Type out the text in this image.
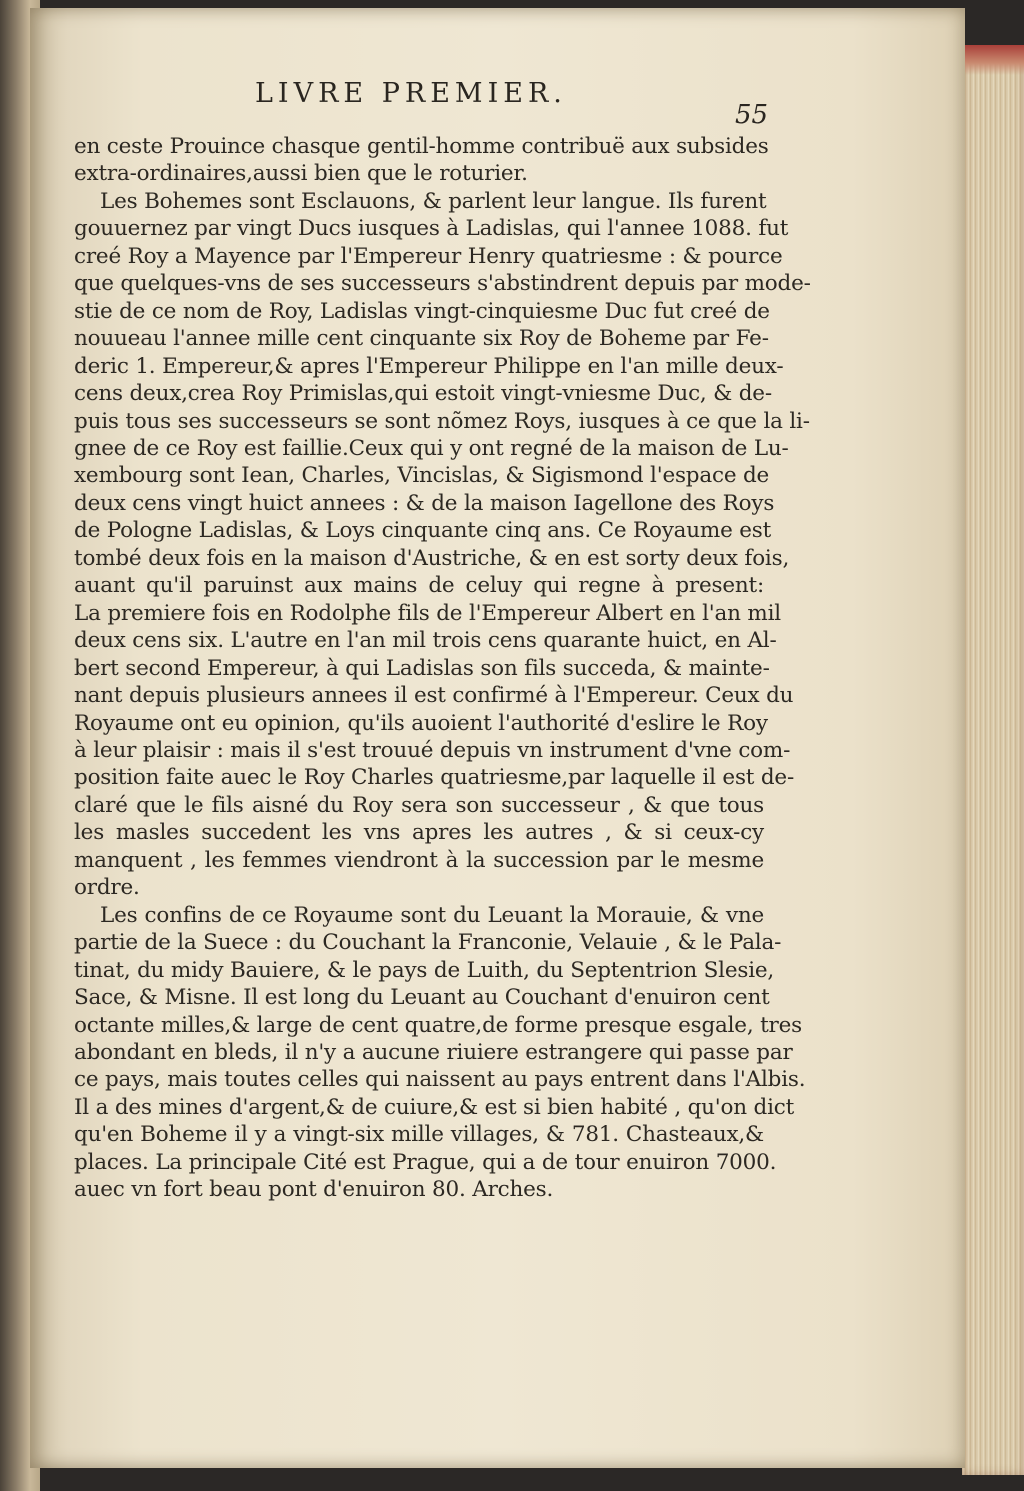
LIVRE PREMIER.
55
en ceste Prouince chasque gentil-homme contribuë aux subsides
extra-ordinaires,aussi bien que le roturier.
Les Bohemes sont Esclauons, & parlent leur langue. Ils furent
gouuernez par vingt Ducs iusques à Ladislas, qui l'annee 1088. fut
creé Roy a Mayence par l'Empereur Henry quatriesme : & pource
que quelques-vns de ses successeurs s'abstindrent depuis par mode-
stie de ce nom de Roy, Ladislas vingt-cinquiesme Duc fut creé de
nouueau l'annee mille cent cinquante six Roy de Boheme par Fe-
deric 1. Empereur,& apres l'Empereur Philippe en l'an mille deux-
cens deux,crea Roy Primislas,qui estoit vingt-vniesme Duc, & de-
puis tous ses successeurs se sont nõmez Roys, iusques à ce que la li-
gnee de ce Roy est faillie.Ceux qui y ont regné de la maison de Lu-
xembourg sont Iean, Charles, Vincislas, & Sigismond l'espace de
deux cens vingt huict annees : & de la maison Iagellone des Roys
de Pologne Ladislas, & Loys cinquante cinq ans. Ce Royaume est
tombé deux fois en la maison d'Austriche, & en est sorty deux fois,
auant qu'il paruinst aux mains de celuy qui regne à present:
La premiere fois en Rodolphe fils de l'Empereur Albert en l'an mil
deux cens six. L'autre en l'an mil trois cens quarante huict, en Al-
bert second Empereur, à qui Ladislas son fils succeda, & mainte-
nant depuis plusieurs annees il est confirmé à l'Empereur. Ceux du
Royaume ont eu opinion, qu'ils auoient l'authorité d'eslire le Roy
à leur plaisir : mais il s'est trouué depuis vn instrument d'vne com-
position faite auec le Roy Charles quatriesme,par laquelle il est de-
claré que le fils aisné du Roy sera son successeur , & que tous
les masles succedent les vns apres les autres , & si ceux-cy
manquent , les femmes viendront à la succession par le mesme
ordre.
Les confins de ce Royaume sont du Leuant la Morauie, & vne
partie de la Suece : du Couchant la Franconie, Velauie , & le Pala-
tinat, du midy Bauiere, & le pays de Luith, du Septentrion Slesie,
Sace, & Misne. Il est long du Leuant au Couchant d'enuiron cent
octante milles,& large de cent quatre,de forme presque esgale, tres
abondant en bleds, il n'y a aucune riuiere estrangere qui passe par
ce pays, mais toutes celles qui naissent au pays entrent dans l'Albis.
Il a des mines d'argent,& de cuiure,& est si bien habité , qu'on dict
qu'en Boheme il y a vingt-six mille villages, & 781. Chasteaux,&
places. La principale Cité est Prague, qui a de tour enuiron 7000.
auec vn fort beau pont d'enuiron 80. Arches.
